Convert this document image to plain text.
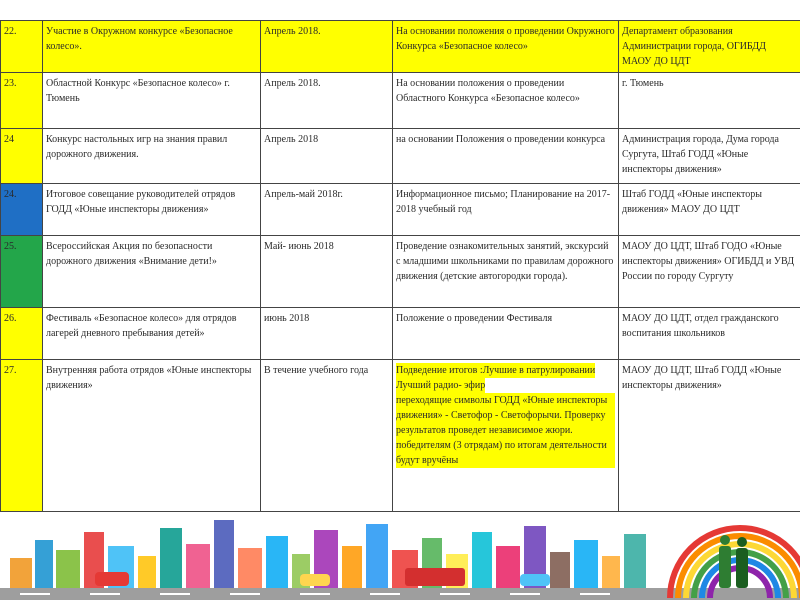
22.	Участие в Окружном конкурсе «Безопасное колесо».	Апрель 2018.	На основании положения о проведении Окружного Конкурса «Безопасное колесо»	Департамент образования Администрации города, ОГИБДД МАОУ ДО ЦДТ
23.	Областной Конкурс «Безопасное колесо» г. Тюмень	Апрель 2018.	На основании положения о проведении Областного Конкурса «Безопасное колесо»	г. Тюмень
24	Конкурс настольных игр на знания правил дорожного движения.	Апрель 2018	на основании Положения о проведении конкурса	Администрация города, Дума города Сургута, Штаб ГОДД «Юные инспекторы движения»
24.	Итоговое совещание руководителей отрядов ГОДД «Юные инспекторы движения»	Апрель-май 2018г.	Информационное письмо; Планирование на 2017-2018 учебный год	Штаб ГОДД «Юные инспекторы движения» МАОУ ДО ЦДТ
25.	Всероссийская Акция по безопасности дорожного движения «Внимание дети!»	Май- июнь 2018	Проведение ознакомительных занятий, экскурсий с младшими школьниками по правилам дорожного движения (детские автогородки города).	МАОУ ДО ЦДТ, Штаб ГОДО «Юные инспекторы движения» ОГИБДД и УВД России по городу Сургуту
26.	Фестиваль «Безопасное колесо» для отрядов лагерей дневного пребывания детей»	июнь 2018	Положение о проведении Фестиваля	МАОУ ДО ЦДТ, отдел гражданского воспитания школьников
27.	Внутренняя работа отрядов «Юные инспекторы движения»	В течение учебного года	Подведение итогов :Лучшие в патрулировании
Лучший радио- эфир
переходящие символы ГОДД «Юные инспекторы движения» - Светофор - Светофорычи. Проверку результатов проведет независимое жюри.
победителям (3 отрядам) по итогам деятельности будут вручёны	МАОУ ДО ЦДТ, Штаб ГОДД «Юные инспекторы движения»
